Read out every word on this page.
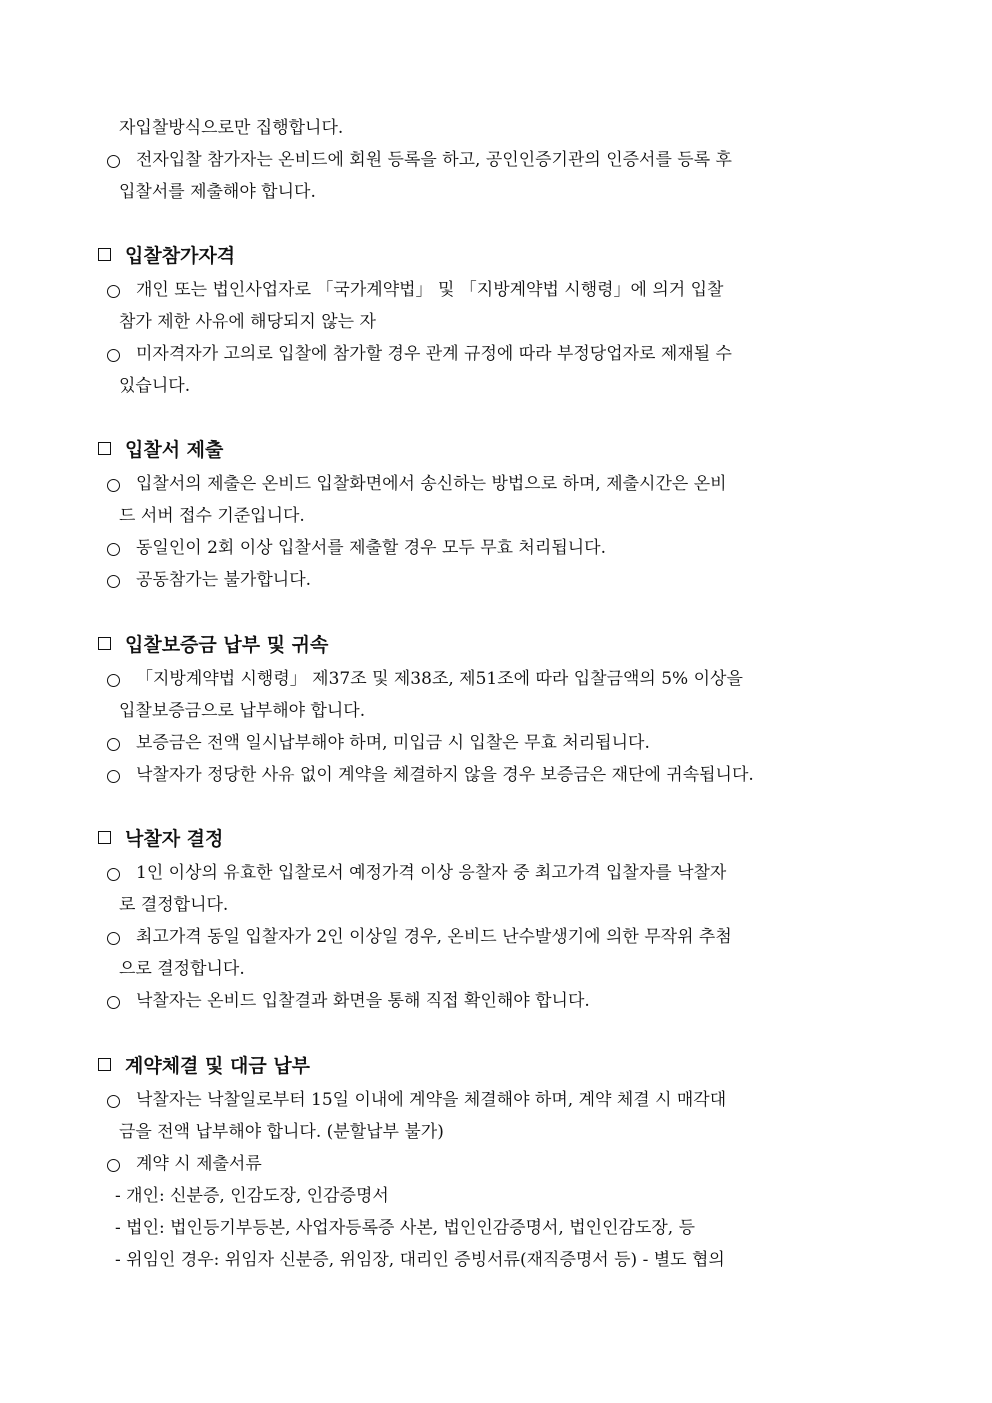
자입찰방식으로만 집행합니다.
전자입찰 참가자는 온비드에 회원 등록을 하고, 공인인증기관의 인증서를 등록 후
입찰서를 제출해야 합니다.
입찰참가자격
개인 또는 법인사업자로 「국가계약법」 및 「지방계약법 시행령」에 의거 입찰
참가 제한 사유에 해당되지 않는 자
미자격자가 고의로 입찰에 참가할 경우 관계 규정에 따라 부정당업자로 제재될 수
있습니다.
입찰서 제출
입찰서의 제출은 온비드 입찰화면에서 송신하는 방법으로 하며, 제출시간은 온비
드 서버 접수 기준입니다.
동일인이 2회 이상 입찰서를 제출할 경우 모두 무효 처리됩니다.
공동참가는 불가합니다.
입찰보증금 납부 및 귀속
「지방계약법 시행령」 제37조 및 제38조, 제51조에 따라 입찰금액의 5% 이상을
입찰보증금으로 납부해야 합니다.
보증금은 전액 일시납부해야 하며, 미입금 시 입찰은 무효 처리됩니다.
낙찰자가 정당한 사유 없이 계약을 체결하지 않을 경우 보증금은 재단에 귀속됩니다.
낙찰자 결정
1인 이상의 유효한 입찰로서 예정가격 이상 응찰자 중 최고가격 입찰자를 낙찰자
로 결정합니다.
최고가격 동일 입찰자가 2인 이상일 경우, 온비드 난수발생기에 의한 무작위 추첨
으로 결정합니다.
낙찰자는 온비드 입찰결과 화면을 통해 직접 확인해야 합니다.
계약체결 및 대금 납부
낙찰자는 낙찰일로부터 15일 이내에 계약을 체결해야 하며, 계약 체결 시 매각대
금을 전액 납부해야 합니다. (분할납부 불가)
계약 시 제출서류
- 개인: 신분증, 인감도장, 인감증명서
- 법인: 법인등기부등본, 사업자등록증 사본, 법인인감증명서, 법인인감도장, 등
- 위임인 경우: 위임자 신분증, 위임장, 대리인 증빙서류(재직증명서 등) - 별도 협의
